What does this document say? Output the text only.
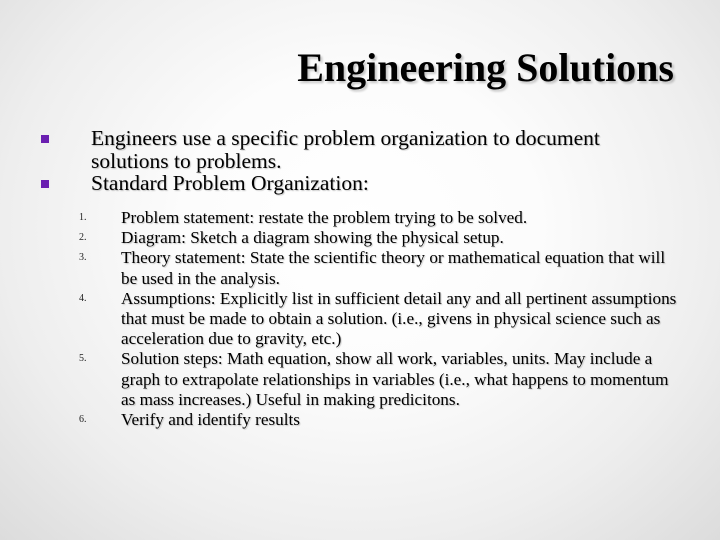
Engineering Solutions
Engineers use a specific problem organization to document solutions to problems.
Standard Problem Organization:
1. Problem statement: restate the problem trying to be solved.
2. Diagram: Sketch a diagram showing the physical setup.
3. Theory statement: State the scientific theory or mathematical equation that will be used in the analysis.
4. Assumptions: Explicitly list in sufficient detail any and all pertinent assumptions that must be made to obtain a solution. (i.e., givens in physical science such as acceleration due to gravity, etc.)
5. Solution steps: Math equation, show all work, variables, units. May include a graph to extrapolate relationships in variables (i.e., what happens to momentum as mass increases.) Useful in making predicitons.
6. Verify and identify results
